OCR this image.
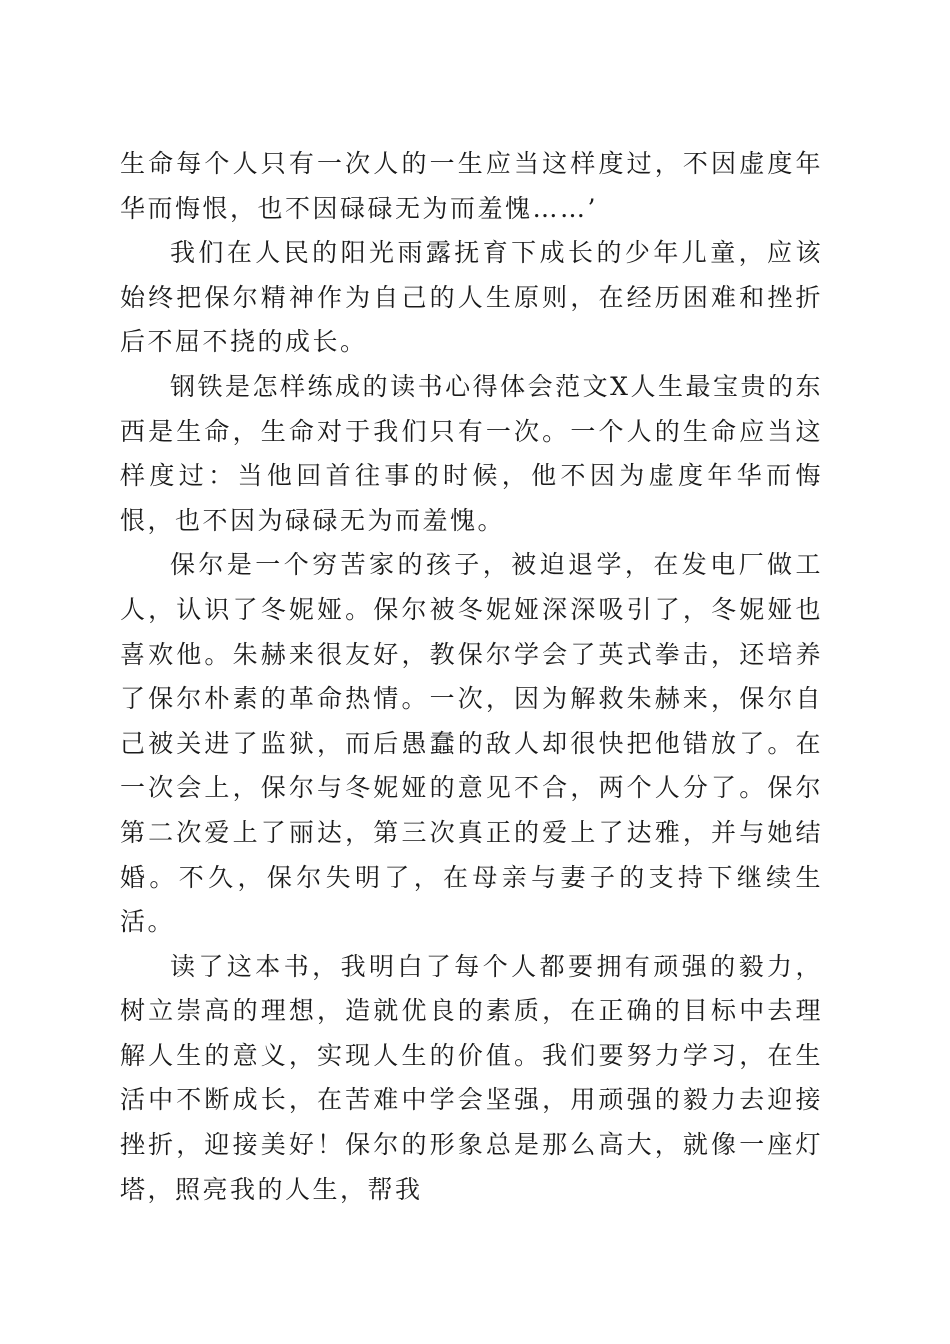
生命每个人只有一次人的一生应当这样度过，不因虚度年华而悔恨，也不因碌碌无为而羞愧……’

我们在人民的阳光雨露抚育下成长的少年儿童，应该始终把保尔精神作为自己的人生原则，在经历困难和挫折后不屈不挠的成长。

钢铁是怎样练成的读书心得体会范文X人生最宝贵的东西是生命，生命对于我们只有一次。一个人的生命应当这样度过：当他回首往事的时候，他不因为虚度年华而悔恨，也不因为碌碌无为而羞愧。

保尔是一个穷苦家的孩子，被迫退学，在发电厂做工人，认识了冬妮娅。保尔被冬妮娅深深吸引了，冬妮娅也喜欢他。朱赫来很友好，教保尔学会了英式拳击，还培养了保尔朴素的革命热情。一次，因为解救朱赫来，保尔自己被关进了监狱，而后愚蠢的敌人却很快把他错放了。在一次会上，保尔与冬妮娅的意见不合，两个人分了。保尔第二次爱上了丽达，第三次真正的爱上了达雅，并与她结婚。不久，保尔失明了，在母亲与妻子的支持下继续生活。

读了这本书，我明白了每个人都要拥有顽强的毅力，树立崇高的理想，造就优良的素质，在正确的目标中去理解人生的意义，实现人生的价值。我们要努力学习，在生活中不断成长，在苦难中学会坚强，用顽强的毅力去迎接挫折，迎接美好！保尔的形象总是那么高大，就像一座灯塔，照亮我的人生，帮我
